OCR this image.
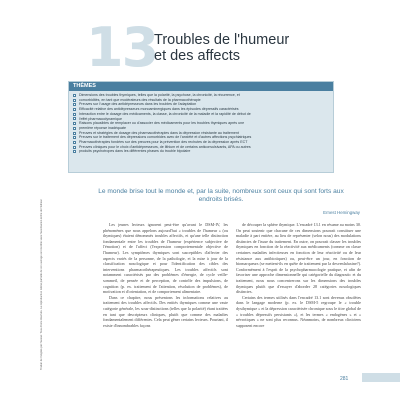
13
Troubles de l'humeur
et des affects
THÈMES
Dimensions des troubles thymiques, telles que la polarité, la psychose, la chronicité, la récurrence, et
comorbidités, en tant que modérateurs des résultats de la pharmacothérapie
Preuves sur l'usage des antidépresseurs dans les troubles de l'adaptation
Efficacité relative des antidépresseurs monoaminergiques dans les épisodes dépressifs caractérisés
Interaction entre le dosage des médicaments, la classe, la chronicité de la maladie et la rapidité de début de
l'effet pharmacodynamique
Raisons plausibles de remplacer ou d'associer des médicaments pour les troubles thymiques après une
première réponse inadéquate
Preuves et stratégies de dosage des pharmacothérapies dans la dépression résistante au traitement
Preuves sur le traitement des dépressions comorbides avec de l'anxiété et d'autres affections psychiatriques
Pharmacothérapies fondées sur des preuves pour la prévention des rechutes de la dépression après ECT
Preuves cliniques pour le choix d'antidépresseurs, de lithium et de certains anticonvulsivants, APA ou autres
produits psychotropes dans les différentes phases du trouble bipolaire
Traduit de l'anglais par l'auteur. Tous droits réservés. La reproduction même partielle de cet ouvrage est interdite sans l'autorisation écrite de l'éditeur.
Le monde brise tout le monde et, par la suite, nombreux sont ceux qui sont forts aux endroits brisés.
Ernest Hemingway

Les jeunes lecteurs ignorent peut-être qu'avant le DSM-IV, les phénomènes que nous appelons aujourd'hui « troubles de l'humeur » (ou thymiques) étaient dénommés troubles affectifs, et qu'une telle distinction fondamentale entre les troubles de l'humeur (expérience subjective de l'émotion) et de l'affect (l'expression comportementale objective de l'humeur). Les symptômes thymiques sont susceptibles d'affecter des aspects variés de la personne, de la pathologie, et la mise à jour de la classification nosologique et pour l'identification des cibles des interventions pharmacothérapeutiques. Les troubles affectifs sont notamment caractérisés par des problèmes d'énergie, de cycle veille-sommeil, de pensée et de perception, de contrôle des impulsions, de cognition (p. ex. traitement de l'attention, résolution de problèmes), de motivation et d'orientation, et de comportement alimentaire.

Dans ce chapitre, nous présentons les informations relatives au traitement des troubles affectifs. Des entités thymiques comme une vaste catégorie générale, les sous-distinctions (telles que la polarité) étant traitées en tant que descripteurs cliniques, plutôt que comme des maladies fondamentalement différentes. Cela peut gêner certains lecteurs. Pourtant, il existe d'innombrables façons

de découper la sphère thymique. L'encadré 13.1 en résume au moins 30. On peut soutenir que chacune de ces dimensions pourrait constituer une maladie à part entière, au lieu de représenter (selon nous) des modulations distinctes de l'issue du traitement. En outre, on pourrait classer les troubles thymiques en fonction de la réactivité aux médicaments (comme on classe certaines maladies infectieuses en fonction de leur réactivité ou de leur résistance aux antibiotiques) ou, peut-être un jour, en fonction de biomarqueurs (se mettent-ils en quête de traitement par la desvenlafaxine?). Conformément à l'esprit de la psychopharmacologie pratique, et afin de favoriser une approche dimensionnelle qui catégorielle du diagnostic et du traitement, nous nous concentrerons sur les dimensions des troubles thymiques plutôt que d'essayer d'aborder 28 catégories nosologiques distinctes.

Certains des termes utilisés dans l'encadré 13.1 sont devenus obsolètes dans le langage moderne (p. ex. le DSM-5 regroupe le « trouble dysthymique » et la dépression caractérisée chronique sous le titre global de « troubles dépressifs persistants »), et les termes « endogènes » et « névrotiques » ne sont plus reconnus. Néanmoins, de nombreux cliniciens supposent encore

281
